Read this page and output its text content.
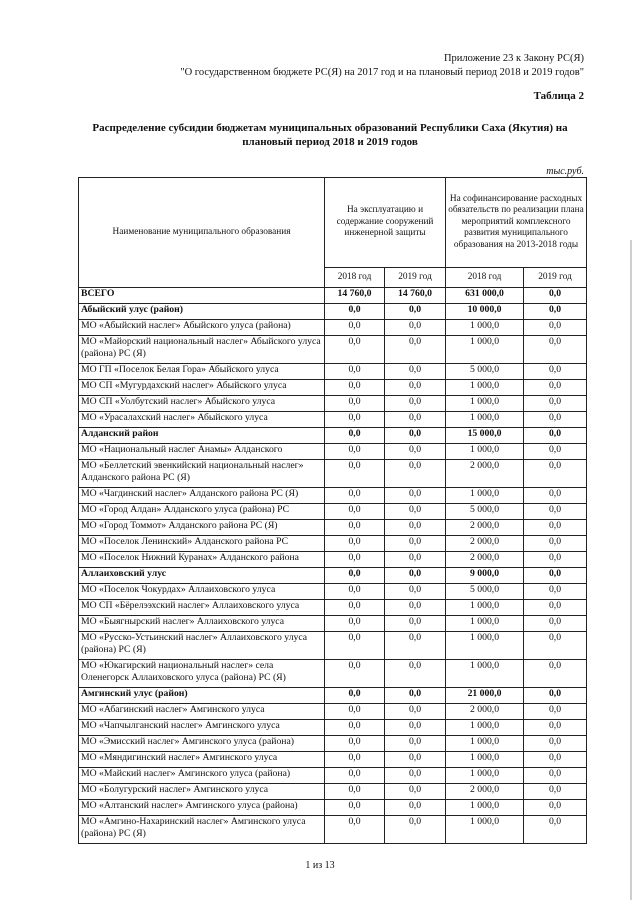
Приложение 23 к Закону РС(Я)
"О государственном бюджете РС(Я) на 2017 год и на плановый период 2018 и 2019 годов"
Таблица 2
Распределение субсидии бюджетам муниципальных образований Республики Саха (Якутия) на плановый период 2018 и 2019 годов
тыс.руб.
Наименование муниципального образования	На эксплуатацию и содержание сооружений инженерной защиты		На софинансирование расходных обязательств по реализации плана мероприятий комплексного развития муниципального образования на 2013-2018 годы	
	2018 год	2019 год	2018 год	2019 год
ВСЕГО	14 760,0	14 760,0	631 000,0	0,0
Абыйский улус (район)	0,0	0,0	10 000,0	0,0
МО «Абыйский наслег» Абыйского улуса (района)	0,0	0,0	1 000,0	0,0
МО «Майорский национальный наслег» Абыйского улуса (района) РС (Я)	0,0	0,0	1 000,0	0,0
МО ГП «Поселок Белая Гора» Абыйского улуса	0,0	0,0	5 000,0	0,0
МО СП «Мугурдахский наслег» Абыйского улуса	0,0	0,0	1 000,0	0,0
МО СП «Уолбутский наслег» Абыйского улуса	0,0	0,0	1 000,0	0,0
МО «Урасалахский наслег» Абыйского улуса	0,0	0,0	1 000,0	0,0
Алданский район	0,0	0,0	15 000,0	0,0
МО «Национальный наслег Анамы» Алданского	0,0	0,0	1 000,0	0,0
МО «Беллетский эвенкийский национальный наслег» Алданского района РС (Я)	0,0	0,0	2 000,0	0,0
МО «Чагдинский наслег» Алданского района РС (Я)	0,0	0,0	1 000,0	0,0
МО «Город Алдан» Алданского улуса (района) РС	0,0	0,0	5 000,0	0,0
МО «Город Томмот» Алданского района РС (Я)	0,0	0,0	2 000,0	0,0
МО «Поселок Ленинский» Алданского района РС	0,0	0,0	2 000,0	0,0
МО «Поселок Нижний Куранах» Алданского района	0,0	0,0	2 000,0	0,0
Аллаиховский улус	0,0	0,0	9 000,0	0,0
МО «Поселок Чокурдах» Аллаиховского улуса	0,0	0,0	5 000,0	0,0
МО СП «Бёрелээхский наслег» Аллаиховского улуса	0,0	0,0	1 000,0	0,0
МО «Быягнырский наслег» Аллаиховского улуса	0,0	0,0	1 000,0	0,0
МО «Русско-Устьинский наслег» Аллаиховского улуса (района) РС (Я)	0,0	0,0	1 000,0	0,0
МО «Юкагирский национальный наслег» села Оленегорск Аллаиховского улуса (района) РС (Я)	0,0	0,0	1 000,0	0,0
Амгинский улус (район)	0,0	0,0	21 000,0	0,0
МО «Абагинский наслег» Амгинского улуса	0,0	0,0	2 000,0	0,0
МО «Чапчылганский наслег» Амгинского улуса	0,0	0,0	1 000,0	0,0
МО «Эмисский наслег» Амгинского улуса (района)	0,0	0,0	1 000,0	0,0
МО «Мяндигинский наслег» Амгинского улуса	0,0	0,0	1 000,0	0,0
МО «Майский наслег» Амгинского улуса (района)	0,0	0,0	1 000,0	0,0
МО «Болугурский наслег» Амгинского улуса	0,0	0,0	2 000,0	0,0
МО «Алтанский наслег» Амгинского улуса (района)	0,0	0,0	1 000,0	0,0
МО «Амгино-Нахаринский наслег» Амгинского улуса (района) РС (Я)	0,0	0,0	1 000,0	0,0
1 из 13
